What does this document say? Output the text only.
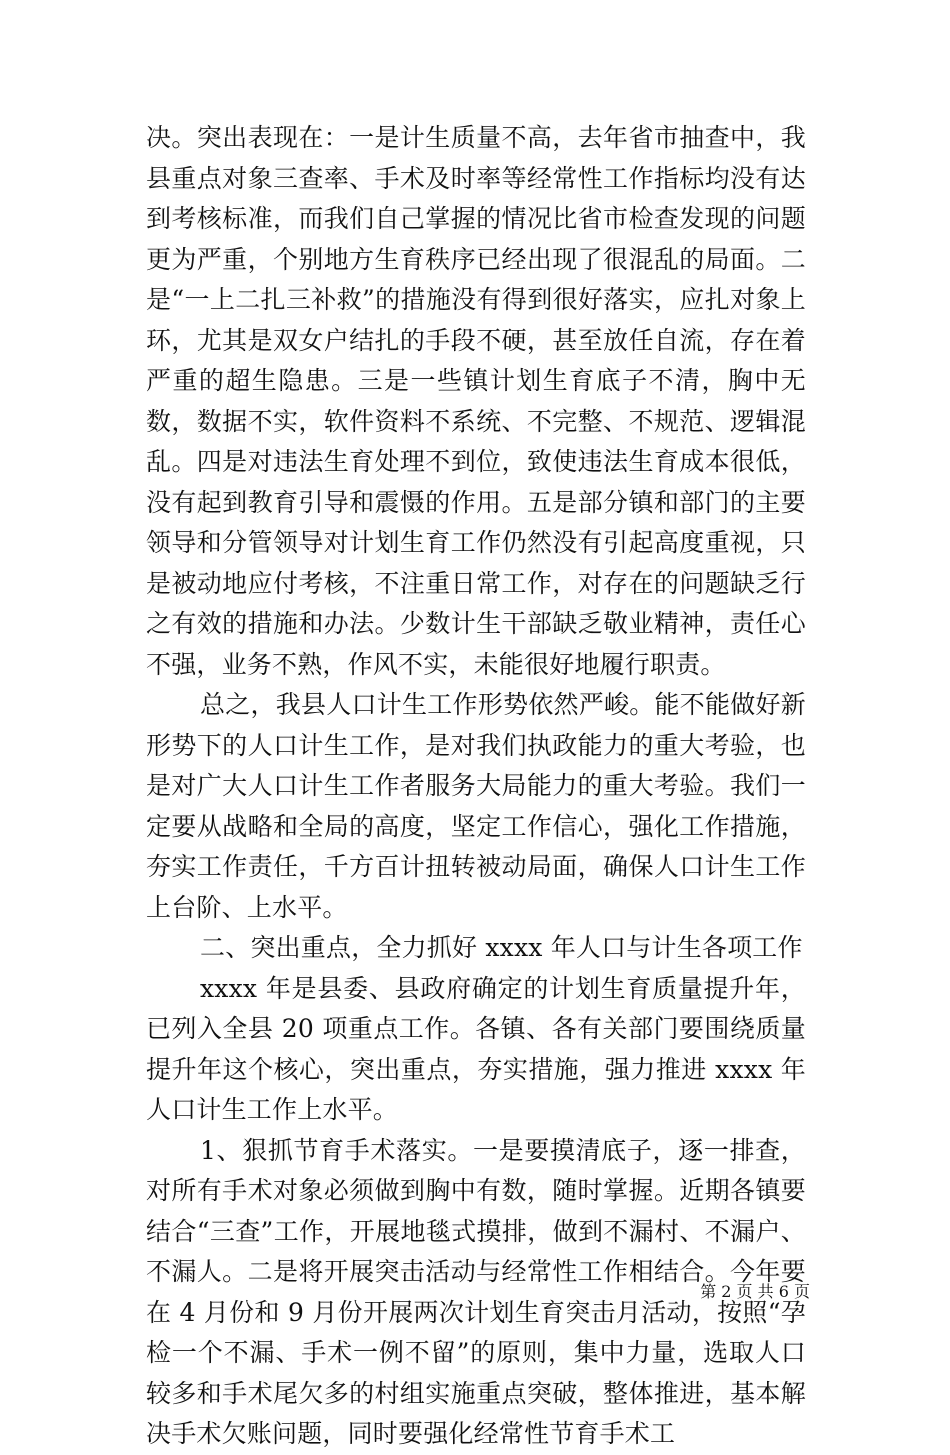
决。突出表现在：一是计生质量不高，去年省市抽查中，我县重点对象三查率、手术及时率等经常性工作指标均没有达到考核标准，而我们自己掌握的情况比省市检查发现的问题更为严重，个别地方生育秩序已经出现了很混乱的局面。二是“一上二扎三补救”的措施没有得到很好落实，应扎对象上环，尤其是双女户结扎的手段不硬，甚至放任自流，存在着严重的超生隐患。三是一些镇计划生育底子不清，胸中无数，数据不实，软件资料不系统、不完整、不规范、逻辑混乱。四是对违法生育处理不到位，致使违法生育成本很低，没有起到教育引导和震慑的作用。五是部分镇和部门的主要领导和分管领导对计划生育工作仍然没有引起高度重视，只是被动地应付考核，不注重日常工作，对存在的问题缺乏行之有效的措施和办法。少数计生干部缺乏敬业精神，责任心不强，业务不熟，作风不实，未能很好地履行职责。

总之，我县人口计生工作形势依然严峻。能不能做好新形势下的人口计生工作，是对我们执政能力的重大考验，也是对广大人口计生工作者服务大局能力的重大考验。我们一定要从战略和全局的高度，坚定工作信心，强化工作措施，夯实工作责任，千方百计扭转被动局面，确保人口计生工作上台阶、上水平。

二、突出重点，全力抓好 xxxx 年人口与计生各项工作

xxxx 年是县委、县政府确定的计划生育质量提升年，已列入全县 20 项重点工作。各镇、各有关部门要围绕质量提升年这个核心，突出重点，夯实措施，强力推进 xxxx 年人口计生工作上水平。

1、狠抓节育手术落实。一是要摸清底子，逐一排查，对所有手术对象必须做到胸中有数，随时掌握。近期各镇要结合“三查”工作，开展地毯式摸排，做到不漏村、不漏户、不漏人。二是将开展突击活动与经常性工作相结合。今年要在 4 月份和 9 月份开展两次计划生育突击月活动，按照“孕检一个不漏、手术一例不留”的原则，集中力量，选取人口较多和手术尾欠多的村组实施重点突破，整体推进，基本解决手术欠账问题，同时要强化经常性节育手术工

第 2 页 共 6 页
